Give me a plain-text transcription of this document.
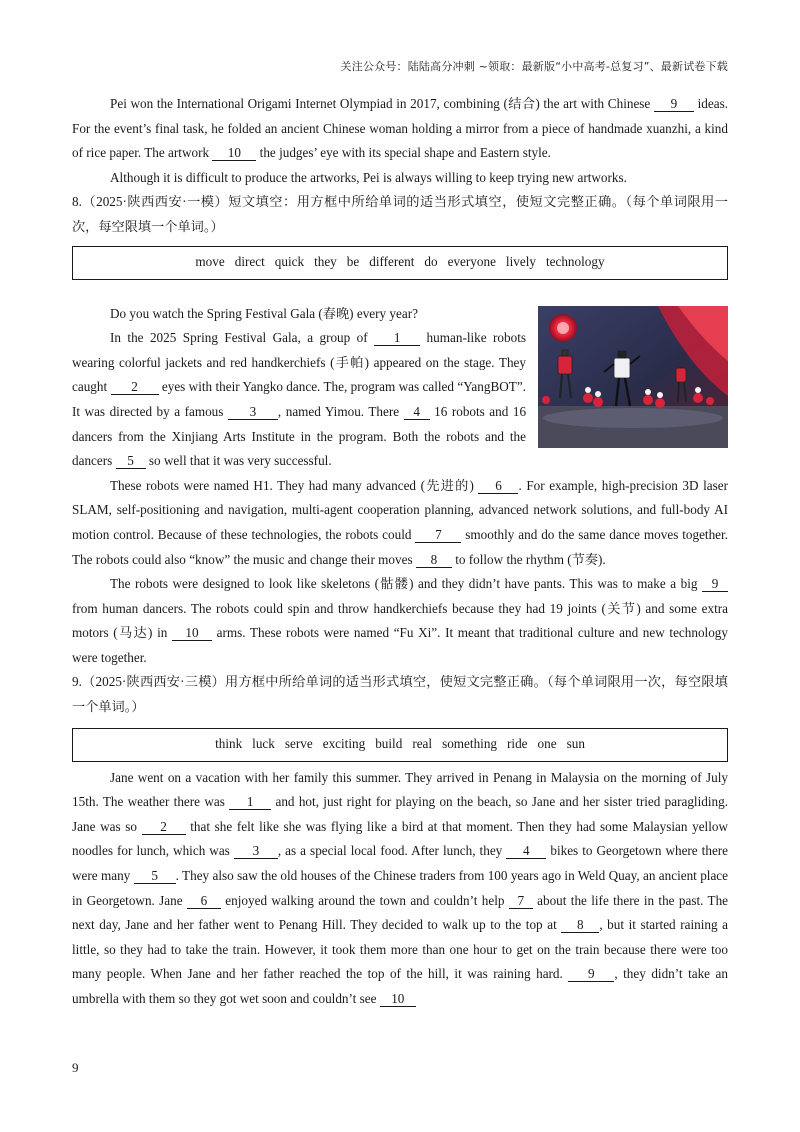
关注公众号：陆陆高分冲刺 ~领取：最新版“小中高考-总复习”、最新试卷下载

Pei won the International Origami Internet Olympiad in 2017, combining (结合) the art with Chinese 9 ideas. For the event’s final task, he folded an ancient Chinese woman holding a mirror from a piece of handmade xuanzhi, a kind of rice paper. The artwork 10 the judges’ eye with its special shape and Eastern style.

Although it is difficult to produce the artworks, Pei is always willing to keep trying new artworks.

8.（2025·陕西西安·一模）短文填空：用方框中所给单词的适当形式填空，使短文完整正确。（每个单词限用一次，每空限填一个单词。）

move direct quick they be different do everyone lively technology

Do you watch the Spring Festival Gala (春晚) every year?

In the 2025 Spring Festival Gala, a group of 1 human-like robots wearing colorful jackets and red handkerchiefs (手帕) appeared on the stage. They caught 2 eyes with their Yangko dance. The, program was called “YangBOT”. It was directed by a famous 3 , named Yimou. There 4 16 robots and 16 dancers from the Xinjiang Arts Institute in the program. Both the robots and the dancers 5 so well that it was very successful.

These robots were named H1. They had many advanced (先进的) 6 . For example, high-precision 3D laser SLAM, self-positioning and navigation, multi-agent cooperation planning, advanced network solutions, and full-body AI motion control. Because of these technologies, the robots could 7 smoothly and do the same dance moves together. The robots could also “know” the music and change their moves 8 to follow the rhythm (节奏).

The robots were designed to look like skeletons (骷髅) and they didn’t have pants. This was to make a big 9 from human dancers. The robots could spin and throw handkerchiefs because they had 19 joints (关节) and some extra motors (马达) in 10 arms. These robots were named “Fu Xi”. It meant that traditional culture and new technology were together.

9.（2025·陕西西安·三模）用方框中所给单词的适当形式填空，使短文完整正确。（每个单词限用一次，每空限填一个单词。）

think luck serve exciting build real something ride one sun

Jane went on a vacation with her family this summer. They arrived in Penang in Malaysia on the morning of July 15th. The weather there was 1 and hot, just right for playing on the beach, so Jane and her sister tried paragliding. Jane was so 2 that she felt like she was flying like a bird at that moment. Then they had some Malaysian yellow noodles for lunch, which was 3 , as a special local food. After lunch, they 4 bikes to Georgetown where there were many 5 . They also saw the old houses of the Chinese traders from 100 years ago in Weld Quay, an ancient place in Georgetown. Jane 6 enjoyed walking around the town and couldn’t help 7 about the life there in the past. The next day, Jane and her father went to Penang Hill. They decided to walk up to the top at 8 , but it started raining a little, so they had to take the train. However, it took them more than one hour to get on the train because there were too many people. When Jane and her father reached the top of the hill, it was raining hard. 9 , they didn’t take an umbrella with them so they got wet soon and couldn’t see 10

9
